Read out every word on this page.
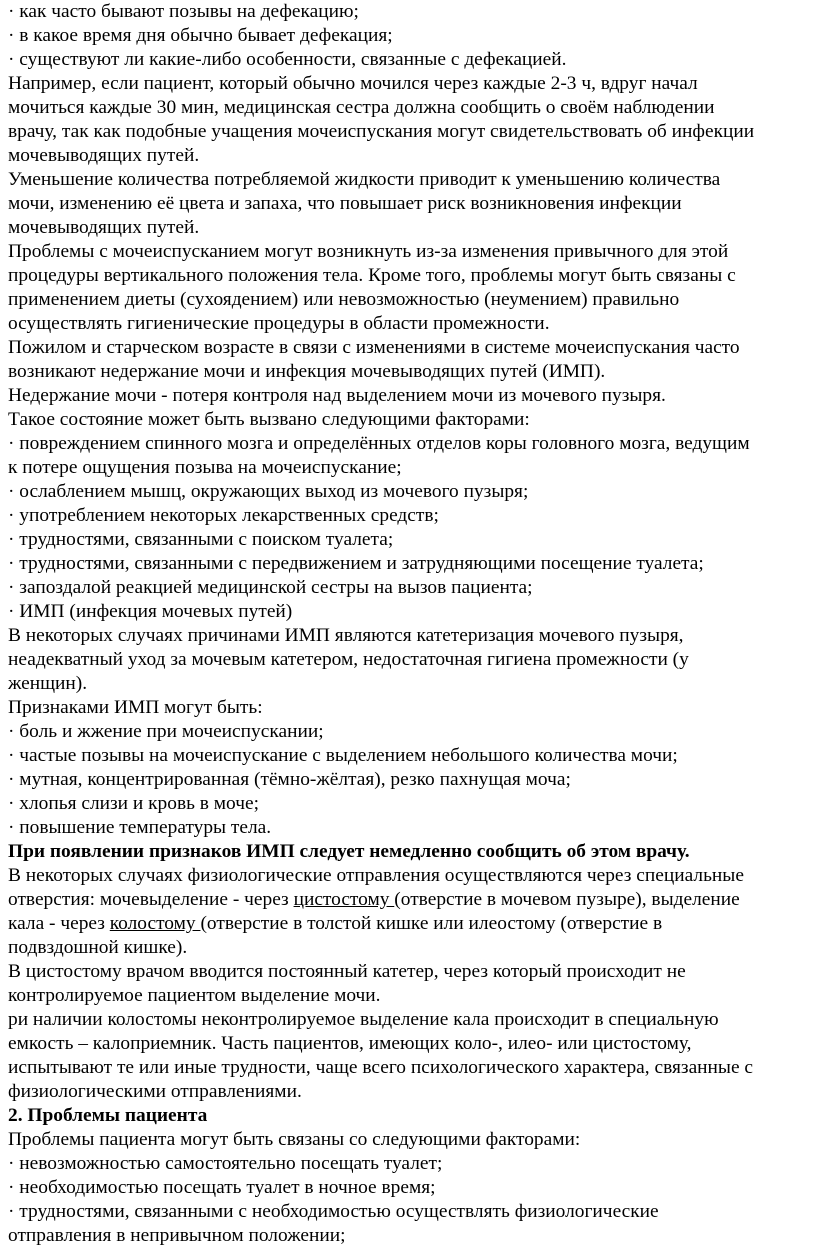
· как часто бывают позывы на дефекацию;

· в какое время дня обычно бывает дефекация;

· существуют ли какие-либо особенности, связанные с дефекацией.

Например, если пациент, который обычно мочился через каждые 2-3 ч, вдруг начал

мочиться каждые 30 мин, медицинская сестра должна сообщить о своём наблюдении

врачу, так как подобные учащения мочеиспускания могут свидетельствовать об инфекции

мочевыводящих путей.

Уменьшение количества потребляемой жидкости приводит к уменьшению количества

мочи, изменению её цвета и запаха, что повышает риск возникновения инфекции

мочевыводящих путей.

Проблемы с мочеиспусканием могут возникнуть из-за изменения привычного для этой

процедуры вертикального положения тела. Кроме того, проблемы могут быть связаны с

применением диеты (сухоядением) или невозможностью (неумением) правильно

осуществлять гигиенические процедуры в области промежности.

Пожилом и старческом возрасте в связи с изменениями в системе мочеиспускания часто

возникают недержание мочи и инфекция мочевыводящих путей (ИМП).

Недержание мочи - потеря контроля над выделением мочи из мочевого пузыря.

Такое состояние может быть вызвано следующими факторами:

· повреждением спинного мозга и определённых отделов коры головного мозга, ведущим

к потере ощущения позыва на мочеиспускание;

· ослаблением мышц, окружающих выход из мочевого пузыря;

· употреблением некоторых лекарственных средств;

· трудностями, связанными с поиском туалета;

· трудностями, связанными с передвижением и затрудняющими посещение туалета;

· запоздалой реакцией медицинской сестры на вызов пациента;

· ИМП (инфекция мочевых путей)

В некоторых случаях причинами ИМП являются катетеризация мочевого пузыря,

неадекватный уход за мочевым катетером, недостаточная гигиена промежности (у

женщин).

Признаками ИМП могут быть:

· боль и жжение при мочеиспускании;

· частые позывы на мочеиспускание с выделением небольшого количества мочи;

· мутная, концентрированная (тёмно-жёлтая), резко пахнущая моча;

· хлопья слизи и кровь в моче;

· повышение температуры тела.

При появлении признаков ИМП следует немедленно сообщить об этом врачу.

В некоторых случаях физиологические отправления осуществляются через специальные

отверстия: мочевыделение - через цистостому (отверстие в мочевом пузыре), выделение

кала - через колостому (отверстие в толстой кишке или илеостому (отверстие в

подвздошной кишке).

В цистостому врачом вводится постоянный катетер, через который происходит не

контролируемое пациентом выделение мочи.

ри наличии колостомы неконтролируемое выделение кала происходит в специальную

емкость – калоприемник. Часть пациентов, имеющих коло-, илео- или цистостому,

испытывают те или иные трудности, чаще всего психологического характера, связанные с

физиологическими отправлениями.

2. Проблемы пациента

Проблемы пациента могут быть связаны со следующими факторами:

· невозможностью самостоятельно посещать туалет;

· необходимостью посещать туалет в ночное время;

· трудностями, связанными с необходимостью осуществлять физиологические

отправления в непривычном положении;
